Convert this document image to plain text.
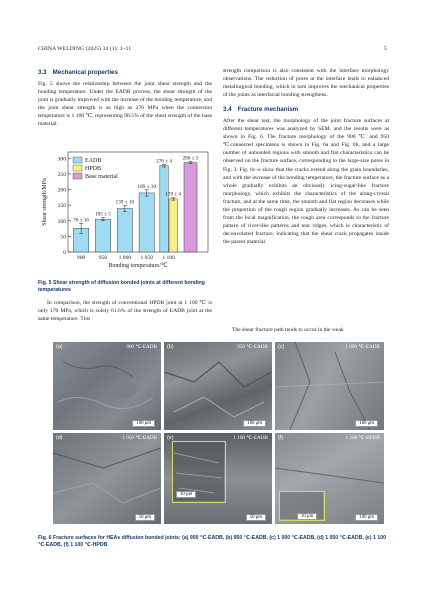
CHINA WELDING (2025) 34 (1): 1–11	5
3.3 Mechanical properties

Fig. 5 shows the relationship between the joint shear strength and the bonding temperature. Under the EADB process, the shear strength of the joint is gradually improved with the increase of the bonding temperature, and the joint shear strength is as high as 276 MPa when the connection temperature is 1 100 ℃, representing 96.5% of the shear strength of the base material.

0
50
100
150
200
250
300
900 950 1 000 1 050 1 100
76 ± 16
105 ± 5
139 ± 10
189 ± 10
276 ± 4
170 ± 4
286 ± 3
Bonding temperature/℃
Shear strength/MPa
EADB
HPDB
Base material
Fig. 5 Shear strength of diffusion bonded joints at different bonding temperatures

In comparison, the strength of conventional HPDB joint at 1 100 ℃ is only 170 MPa, which is solely 61.6% of the strength of EADB joint at the same temperature. This

strength comparison is also consistent with the interface morphology observations. The reduction of pores at the interface leads to enhanced metallurgical bonding, which in turn improves the mechanical properties of the joints as interfacial bonding strengthens.

3.4 Fracture mechanism

After the shear test, the morphology of the joint fracture surfaces at different temperatures was analyzed by SEM, and the results were as shown in Fig. 6. The fracture morphology of the 900 ℃ and 950 ℃connected specimens is shown in Fig. 6a and Fig. 6b, and a large number of unbonded regions with smooth and flat characteristics can be observed on the fracture surface, corresponding to the large-size pores in Fig. 3. Fig. 6c–e show that the cracks extend along the grain boundaries, and with the increase of the bonding temperature, the fracture surface as a whole gradually exhibits an obviously icing-sugar-like fracture morphology, which exhibits the characteristics of the along-crystal fracture, and at the same time, the smooth and flat region decreases while the proportion of the rough region gradually increases. As can be seen from the local magnification, the rough area corresponds to the fracture pattern of river-like patterns and tear ridges, which is characteristic of deconvoluted fracture, indicating that the shear crack propagates inside the parent material.

The shear fracture path tends to occur in the weak

(a)	900 ℃-EADB
100 μm
(b)	950 ℃-EADB
100 μm
(c)	1 000 ℃-EADB
100 μm
(d)	1 050 ℃-EADB
50 μm
10 μm
(e)	1 100 ℃-EADB
50 μm	10 μm
(f)	1 100 ℃-HPDB
100 μm
Fig. 6 Fracture surfaces for HEAs diffusion bonded joints: (a) 900 ℃-EADB, (b) 950 ℃-EADB, (c) 1 000 ℃-EADB, (d) 1 050 ℃-EADB, (e) 1 100 ℃-EADB, (f) 1 100 ℃-HPDB
